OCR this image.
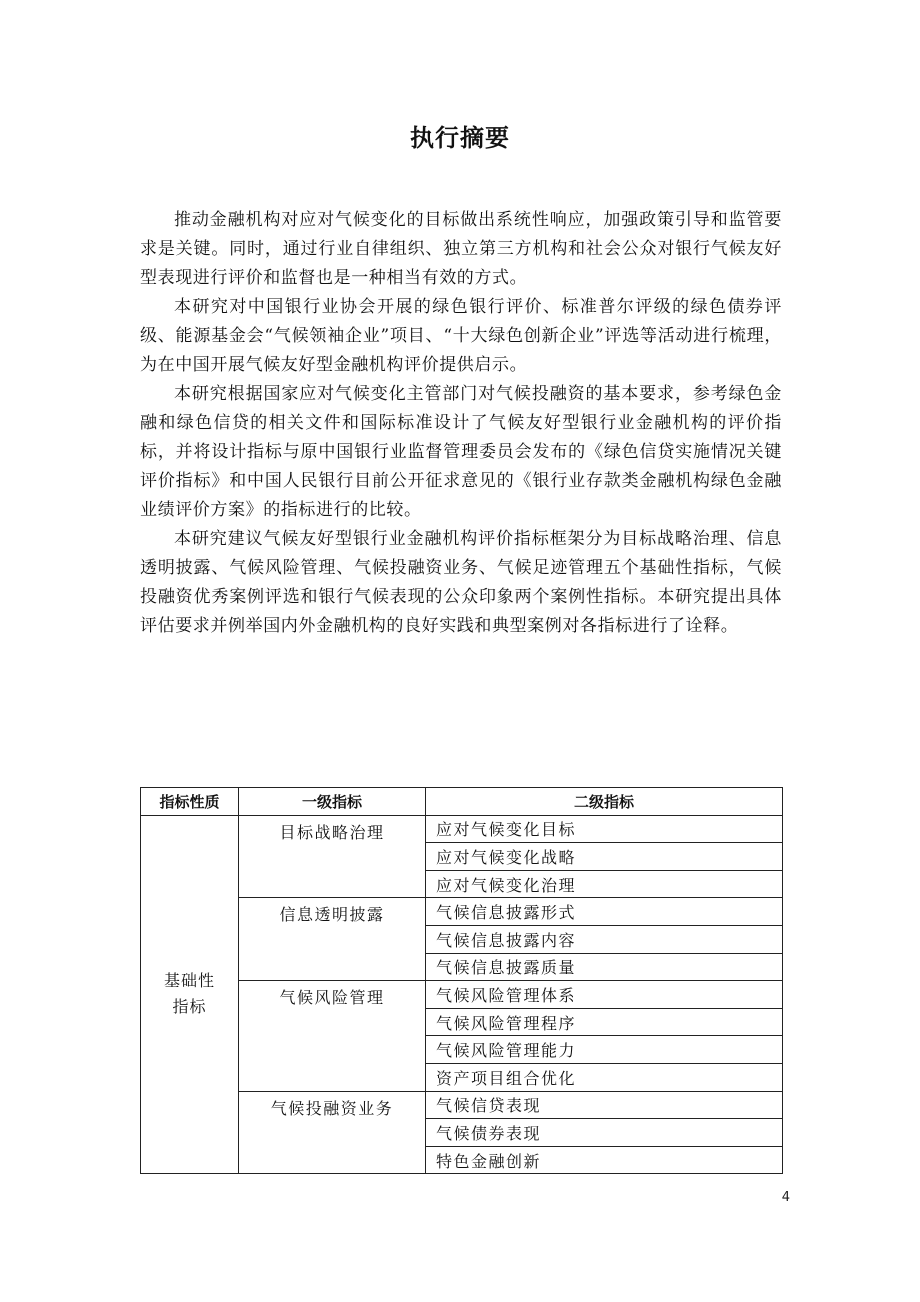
执行摘要

推动金融机构对应对气候变化的目标做出系统性响应，加强政策引导和监管要求是关键。同时，通过行业自律组织、独立第三方机构和社会公众对银行气候友好型表现进行评价和监督也是一种相当有效的方式。

本研究对中国银行业协会开展的绿色银行评价、标准普尔评级的绿色债券评级、能源基金会“气候领袖企业”项目、“十大绿色创新企业”评选等活动进行梳理，为在中国开展气候友好型金融机构评价提供启示。

本研究根据国家应对气候变化主管部门对气候投融资的基本要求，参考绿色金融和绿色信贷的相关文件和国际标准设计了气候友好型银行业金融机构的评价指标，并将设计指标与原中国银行业监督管理委员会发布的《绿色信贷实施情况关键评价指标》和中国人民银行目前公开征求意见的《银行业存款类金融机构绿色金融业绩评价方案》的指标进行的比较。

本研究建议气候友好型银行业金融机构评价指标框架分为目标战略治理、信息透明披露、气候风险管理、气候投融资业务、气候足迹管理五个基础性指标，气候投融资优秀案例评选和银行气候表现的公众印象两个案例性指标。本研究提出具体评估要求并例举国内外金融机构的良好实践和典型案例对各指标进行了诠释。

指标性质	一级指标	二级指标

基础性
指标	目标战略治理	应对气候变化目标
		应对气候变化战略
		应对气候变化治理
	信息透明披露	气候信息披露形式
		气候信息披露内容
		气候信息披露质量
	气候风险管理	气候风险管理体系
		气候风险管理程序
		气候风险管理能力
		资产项目组合优化
	气候投融资业务	气候信贷表现
		气候债券表现
		特色金融创新
4
